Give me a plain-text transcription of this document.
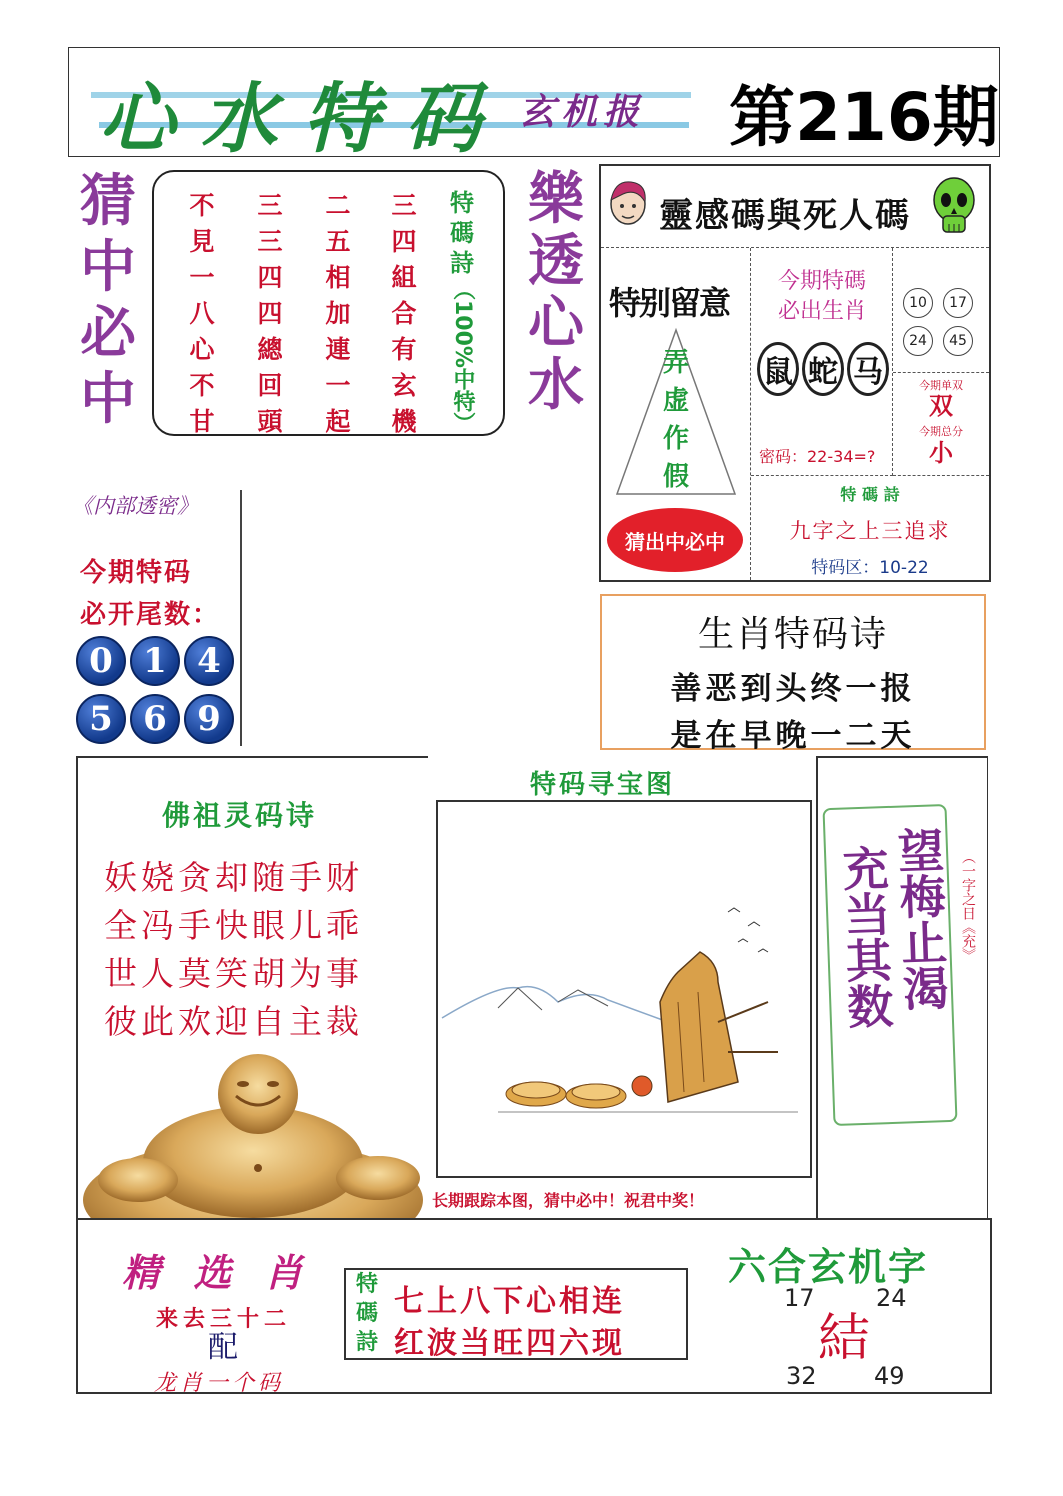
心水特码 玄机报 第216期
猜
中
必
中
不
見
一
八
心
不
甘
三
三
四
四
總
回
頭
二
五
相
加
連
一
起
三
四
組
合
有
玄
機
特
碼
詩
（100%中特）
樂
透
心
水
靈感碼與死人碼
特别留意
弄
虚
作
假
猜出中必中
今期特碼
必出生肖
鼠 蛇 马
密码：22-34=?
10	17
24	45
今期单双
双
今期总分
小
特 碼 詩
九字之上三追求
特码区：10-22
《内部透密》
今期特码
必开尾数：
0 1 4
5 6 9
生肖特码诗
善恶到头终一报
是在早晚一二天
佛祖灵码诗
妖娆贪却随手财
全冯手快眼儿乖
世人莫笑胡为事
彼此欢迎自主裁
特码寻宝图
长期跟踪本图，猜中必中！祝君中奖！
充当其数
望梅止渴 （一字之日《充》
精 选 肖
来去三十二
配
龙肖一个码
特
碼
詩
七上八下心相连
红波当旺四六现
六合玄机字
17	24
結
32 49
